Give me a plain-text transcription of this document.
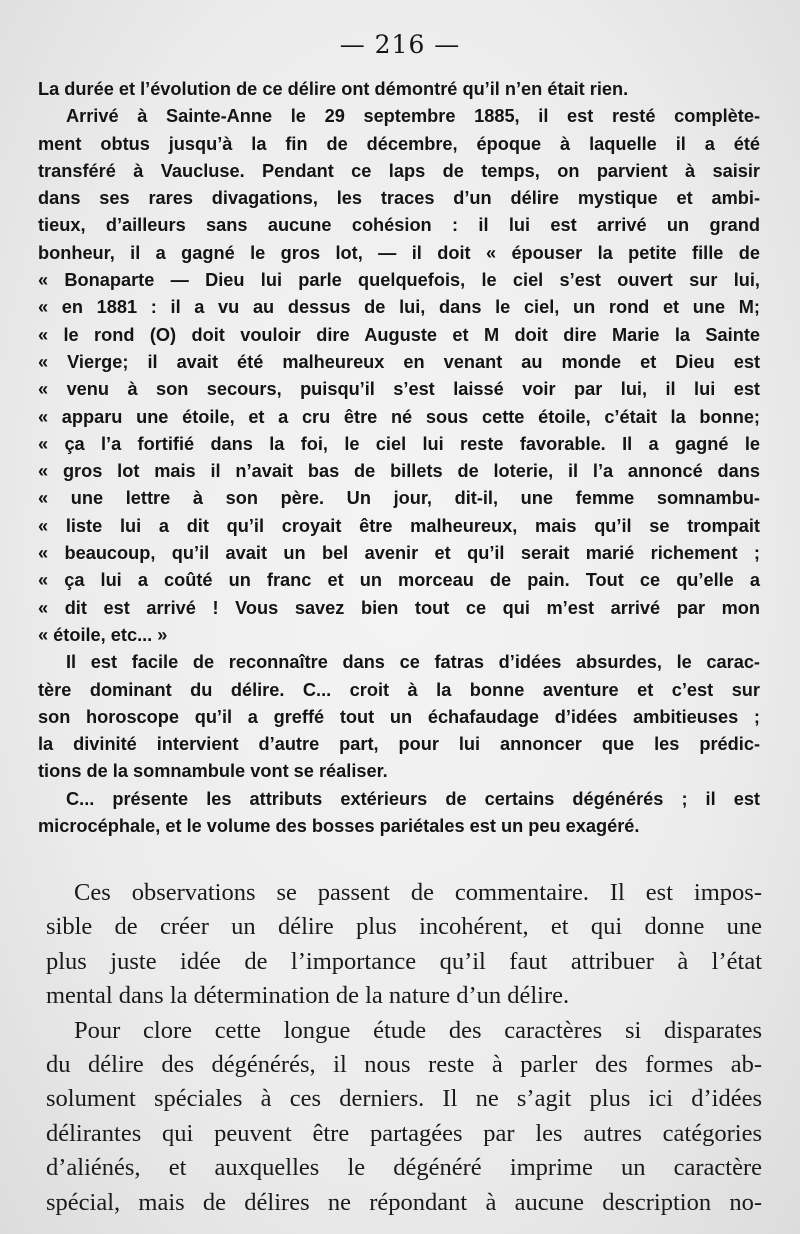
— 216 —
La durée et l’évolution de ce délire ont démontré qu’il n’en était rien.
Arrivé à Sainte-Anne le 29 septembre 1885, il est resté complète-
ment obtus jusqu’à la fin de décembre, époque à laquelle il a été
transféré à Vaucluse. Pendant ce laps de temps, on parvient à saisir
dans ses rares divagations, les traces d’un délire mystique et ambi-
tieux, d’ailleurs sans aucune cohésion : il lui est arrivé un grand
bonheur, il a gagné le gros lot, — il doit « épouser la petite fille de
« Bonaparte — Dieu lui parle quelquefois, le ciel s’est ouvert sur lui,
« en 1881 : il a vu au dessus de lui, dans le ciel, un rond et une M;
« le rond (O) doit vouloir dire Auguste et M doit dire Marie la Sainte
« Vierge; il avait été malheureux en venant au monde et Dieu est
« venu à son secours, puisqu’il s’est laissé voir par lui, il lui est
« apparu une étoile, et a cru être né sous cette étoile, c’était la bonne;
« ça l’a fortifié dans la foi, le ciel lui reste favorable. Il a gagné le
« gros lot mais il n’avait bas de billets de loterie, il l’a annoncé dans
« une lettre à son père. Un jour, dit-il, une femme somnambu-
« liste lui a dit qu’il croyait être malheureux, mais qu’il se trompait
« beaucoup, qu’il avait un bel avenir et qu’il serait marié richement ;
« ça lui a coûté un franc et un morceau de pain. Tout ce qu’elle a
« dit est arrivé ! Vous savez bien tout ce qui m’est arrivé par mon
« étoile, etc... »
Il est facile de reconnaître dans ce fatras d’idées absurdes, le carac-
tère dominant du délire. C... croit à la bonne aventure et c’est sur
son horoscope qu’il a greffé tout un échafaudage d’idées ambitieuses ;
la divinité intervient d’autre part, pour lui annoncer que les prédic-
tions de la somnambule vont se réaliser.
C... présente les attributs extérieurs de certains dégénérés ; il est
microcéphale, et le volume des bosses pariétales est un peu exagéré.
Ces observations se passent de commentaire. Il est impos-
sible de créer un délire plus incohérent, et qui donne une
plus juste idée de l’importance qu’il faut attribuer à l’état
mental dans la détermination de la nature d’un délire.
Pour clore cette longue étude des caractères si disparates
du délire des dégénérés, il nous reste à parler des formes ab-
solument spéciales à ces derniers. Il ne s’agit plus ici d’idées
délirantes qui peuvent être partagées par les autres catégories
d’aliénés, et auxquelles le dégénéré imprime un caractère
spécial, mais de délires ne répondant à aucune description no-
